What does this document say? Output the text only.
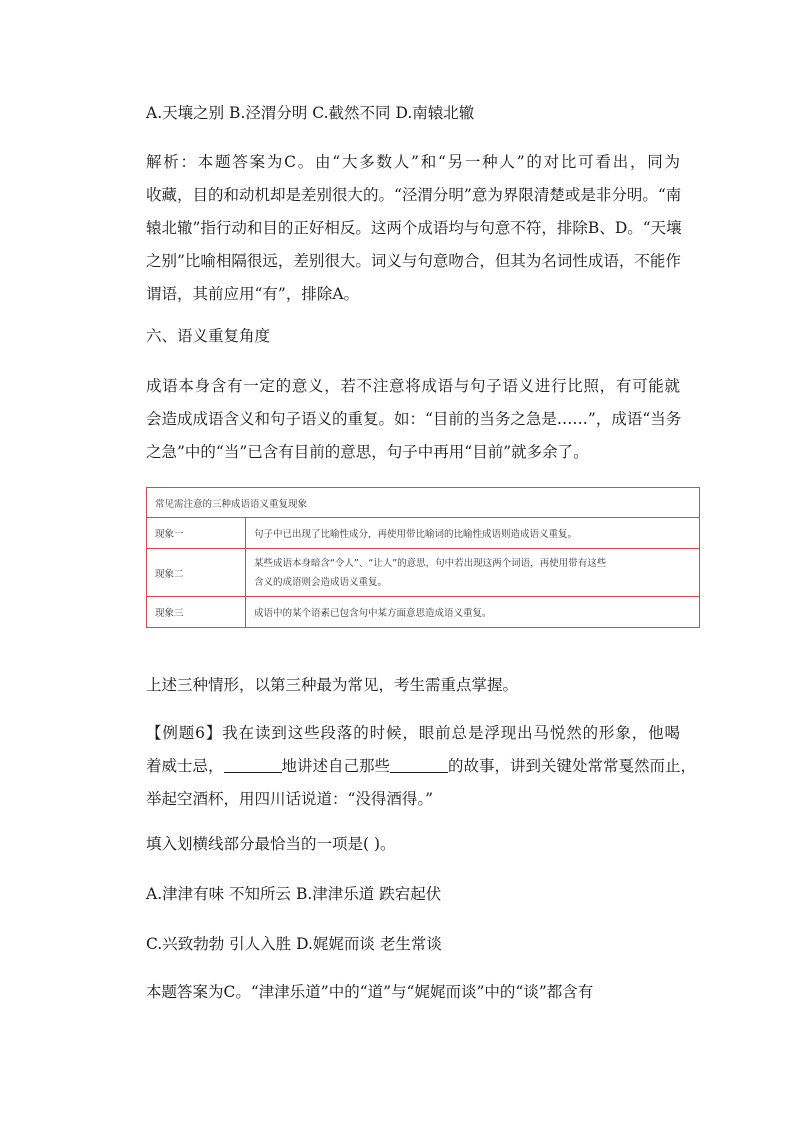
A.天壤之别 B.泾渭分明 C.截然不同 D.南辕北辙

解析：本题答案为C。由“大多数人”和“另一种人”的对比可看出，同为
收藏，目的和动机却是差别很大的。“泾渭分明”意为界限清楚或是非分明。“南
辕北辙”指行动和目的正好相反。这两个成语均与句意不符，排除B、D。“天壤
之别”比喻相隔很远，差别很大。词义与句意吻合，但其为名词性成语，不能作
谓语，其前应用“有”，排除A。

六、语义重复角度

成语本身含有一定的意义，若不注意将成语与句子语义进行比照，有可能就
会造成成语含义和句子语义的重复。如：“目前的当务之急是……”，成语“当务
之急”中的“当”已含有目前的意思，句子中再用“目前”就多余了。
常见需注意的三种成语语义重复现象	
现象一	句子中已出现了比喻性成分，再使用带比喻词的比喻性成语则造成语义重复。
现象二	某些成语本身暗含“令人”、“让人”的意思，句中若出现这两个词语，再使用带有这些
含义的成语则会造成语义重复。

现象三	成语中的某个语素已包含句中某方面意思造成语义重复。

上述三种情形，以第三种最为常见，考生需重点掌握。

【例题6】我在读到这些段落的时候，眼前总是浮现出马悦然的形象，他喝
着威士忌，	地讲述自己那些	的故事，讲到关键处常常戛然而止，
举起空酒杯，用四川话说道：“没得酒得。”

填入划横线部分最恰当的一项是( )。

A.津津有味 不知所云 B.津津乐道 跌宕起伏

C.兴致勃勃 引人入胜 D.娓娓而谈 老生常谈

本题答案为C。“津津乐道”中的“道”与“娓娓而谈”中的“谈”都含有
